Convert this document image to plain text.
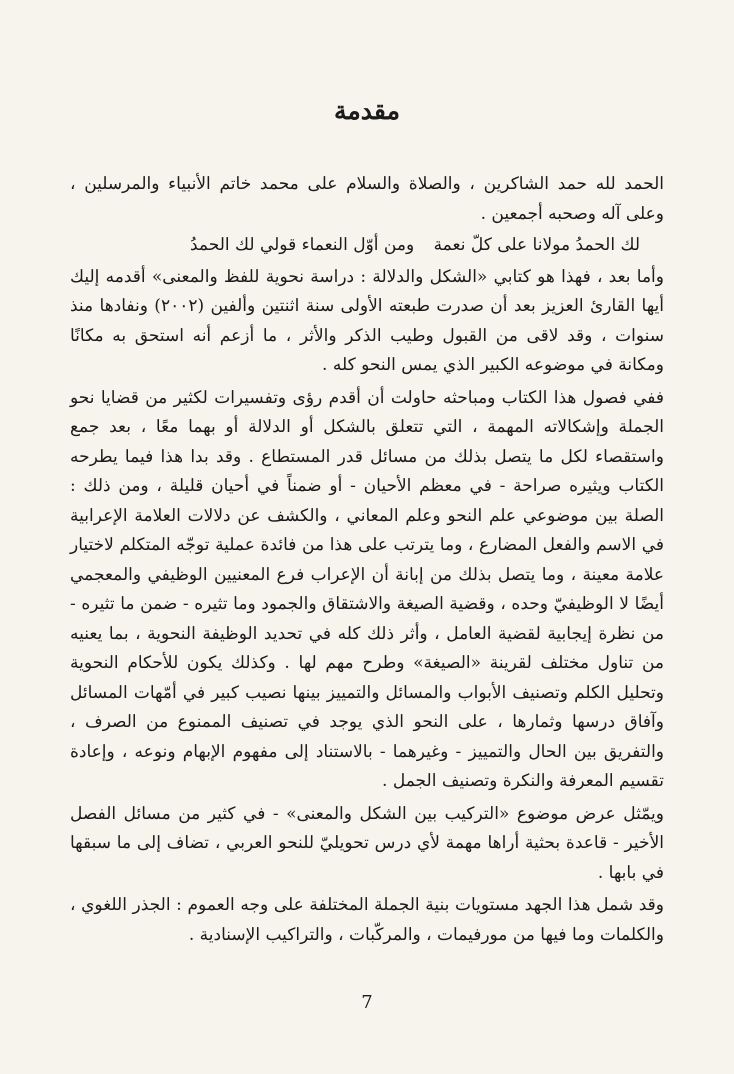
مقدمة

الحمد لله حمد الشاكرين ، والصلاة والسلام على محمد خاتم الأنبياء والمرسلين ، وعلى آله وصحبه أجمعين .

لك الحمدُ مولانا على كلّ نعمة
ومن أوّل النعماء قولي لك الحمدُ

وأما بعد ، فهذا هو كتابي «الشكل والدلالة : دراسة نحوية للفظ والمعنى» أقدمه إليك أيها القارئ العزيز بعد أن صدرت طبعته الأولى سنة اثنتين وألفين (٢٠٠٢) ونفادها منذ سنوات ، وقد لاقى من القبول وطيب الذكر والأثر ، ما أزعم أنه استحق به مكانًا ومكانة في موضوعه الكبير الذي يمس النحو كله .

ففي فصول هذا الكتاب ومباحثه حاولت أن أقدم رؤى وتفسيرات لكثير من قضايا نحو الجملة وإشكالاته المهمة ، التي تتعلق بالشكل أو الدلالة أو بهما معًا ، بعد جمع واستقصاء لكل ما يتصل بذلك من مسائل قدر المستطاع . وقد بدا هذا فيما يطرحه الكتاب ويثيره صراحة - في معظم الأحيان - أو ضمناً في أحيان قليلة ، ومن ذلك : الصلة بين موضوعي علم النحو وعلم المعاني ، والكشف عن دلالات العلامة الإعرابية في الاسم والفعل المضارع ، وما يترتب على هذا من فائدة عملية توجّه المتكلم لاختيار علامة معينة ، وما يتصل بذلك من إبانة أن الإعراب فرع المعنيين الوظيفي والمعجمي أيضًا لا الوظيفيّ وحده ، وقضية الصيغة والاشتقاق والجمود وما تثيره - ضمن ما تثيره - من نظرة إيجابية لقضية العامل ، وأثر ذلك كله في تحديد الوظيفة النحوية ، بما يعنيه من تناول مختلف لقرينة «الصيغة» وطرح مهم لها . وكذلك يكون للأحكام النحوية وتحليل الكلم وتصنيف الأبواب والمسائل والتمييز بينها نصيب كبير في أمّهات المسائل وآفاق درسها وثمارها ، على النحو الذي يوجد في تصنيف الممنوع من الصرف ، والتفريق بين الحال والتمييز - وغيرهما - بالاستناد إلى مفهوم الإبهام ونوعه ، وإعادة تقسيم المعرفة والنكرة وتصنيف الجمل .

ويمّثل عرض موضوع «التركيب بين الشكل والمعنى» - في كثير من مسائل الفصل الأخير - قاعدة بحثية أراها مهمة لأي درس تحويليّ للنحو العربي ، تضاف إلى ما سبقها في بابها .

وقد شمل هذا الجهد مستويات بنية الجملة المختلفة على وجه العموم : الجذر اللغوي ، والكلمات وما فيها من مورفيمات ، والمركّبات ، والتراكيب الإسنادية .

7
